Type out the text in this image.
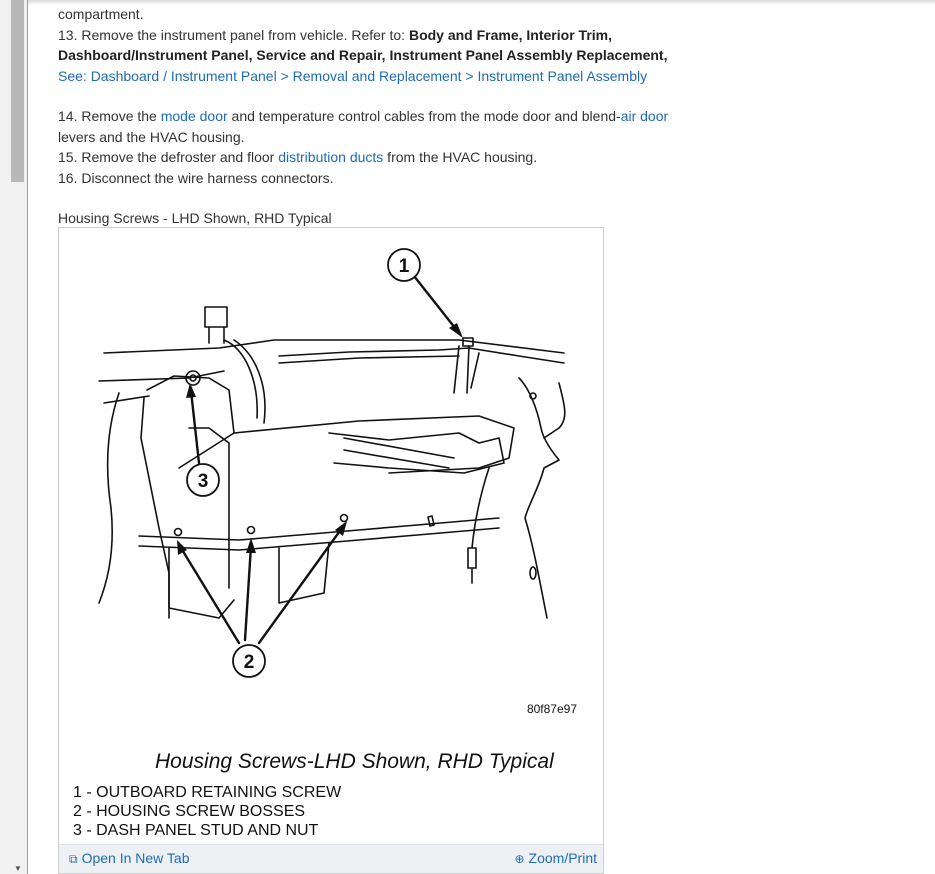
▼

compartment.

13. Remove the instrument panel from vehicle. Refer to: Body and Frame, Interior Trim, Dashboard/Instrument Panel, Service and Repair, Instrument Panel Assembly Replacement, See: Dashboard / Instrument Panel > Removal and Replacement > Instrument Panel Assembly

14. Remove the mode door and temperature control cables from the mode door and blend-air door levers and the HVAC housing.

15. Remove the defroster and floor distribution ducts from the HVAC housing.

16. Disconnect the wire harness connectors.

Housing Screws - LHD Shown, RHD Typical

1
3
2
80f87e97
Housing Screws-LHD Shown, RHD Typical
1 - OUTBOARD RETAINING SCREW
2 - HOUSING SCREW BOSSES
3 - DASH PANEL STUD AND NUT
⧉ Open In New Tab	⊕ Zoom/Print
